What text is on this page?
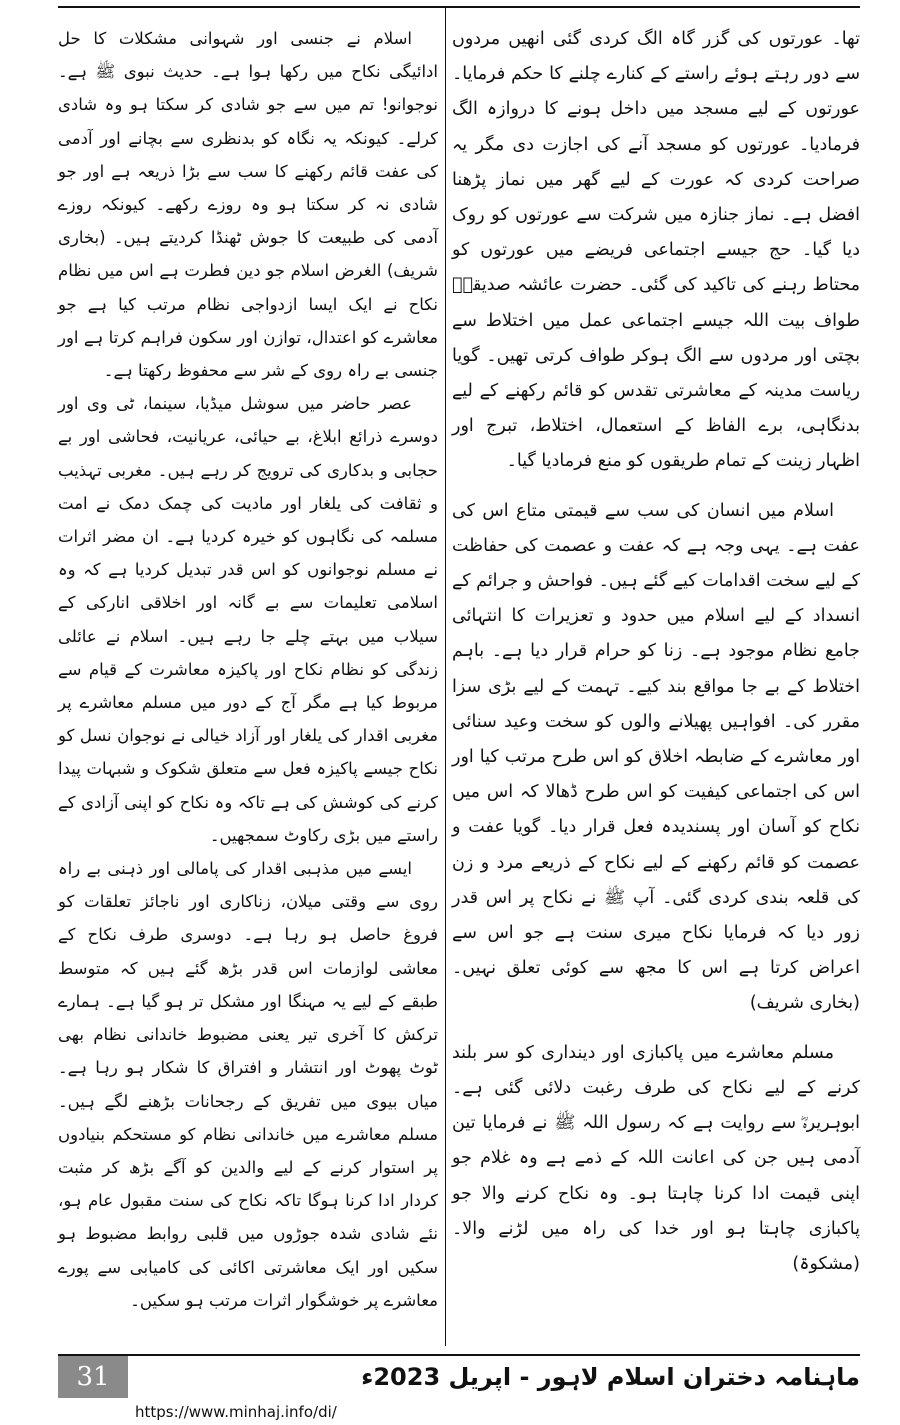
تھا۔ عورتوں کی گزر گاہ الگ کردی گئی انھیں مردوں سے دور رہتے ہوئے راستے کے کنارے چلنے کا حکم فرمایا۔ عورتوں کے لیے مسجد میں داخل ہونے کا دروازہ الگ فرمادیا۔ عورتوں کو مسجد آنے کی اجازت دی مگر یہ صراحت کردی کہ عورت کے لیے گھر میں نماز پڑھنا افضل ہے۔ نماز جنازہ میں شرکت سے عورتوں کو روک دیا گیا۔ حج جیسے اجتماعی فریضے میں عورتوں کو محتاط رہنے کی تاکید کی گئی۔ حضرت عائشہ صدیقہؓ طواف بیت اللہ جیسے اجتماعی عمل میں اختلاط سے بچتی اور مردوں سے الگ ہوکر طواف کرتی تھیں۔ گویا ریاست مدینہ کے معاشرتی تقدس کو قائم رکھنے کے لیے بدنگاہی، برے الفاظ کے استعمال، اختلاط، تبرج اور اظہار زینت کے تمام طریقوں کو منع فرمادیا گیا۔

اسلام میں انسان کی سب سے قیمتی متاع اس کی عفت ہے۔ یہی وجہ ہے کہ عفت و عصمت کی حفاظت کے لیے سخت اقدامات کیے گئے ہیں۔ فواحش و جرائم کے انسداد کے لیے اسلام میں حدود و تعزیرات کا انتہائی جامع نظام موجود ہے۔ زنا کو حرام قرار دیا ہے۔ باہم اختلاط کے بے جا مواقع بند کیے۔ تہمت کے لیے بڑی سزا مقرر کی۔ افواہیں پھیلانے والوں کو سخت وعید سنائی اور معاشرے کے ضابطہ اخلاق کو اس طرح مرتب کیا اور اس کی اجتماعی کیفیت کو اس طرح ڈھالا کہ اس میں نکاح کو آسان اور پسندیدہ فعل قرار دیا۔ گویا عفت و عصمت کو قائم رکھنے کے لیے نکاح کے ذریعے مرد و زن کی قلعہ بندی کردی گئی۔ آپ ﷺ نے نکاح پر اس قدر زور دیا کہ فرمایا نکاح میری سنت ہے جو اس سے اعراض کرتا ہے اس کا مجھ سے کوئی تعلق نہیں۔ (بخاری شریف)

مسلم معاشرے میں پاکبازی اور دینداری کو سر بلند کرنے کے لیے نکاح کی طرف رغبت دلائی گئی ہے۔ ابوہریرہؓ سے روایت ہے کہ رسول اللہ ﷺ نے فرمایا تین آدمی ہیں جن کی اعانت اللہ کے ذمے ہے وہ غلام جو اپنی قیمت ادا کرنا چاہتا ہو۔ وہ نکاح کرنے والا جو پاکبازی چاہتا ہو اور خدا کی راہ میں لڑنے والا۔ (مشکوۃ)

اسلام نے جنسی اور شہوانی مشکلات کا حل ادائیگی نکاح میں رکھا ہوا ہے۔ حدیث نبوی ﷺ ہے۔ نوجوانو! تم میں سے جو شادی کر سکتا ہو وہ شادی کرلے۔ کیونکہ یہ نگاہ کو بدنظری سے بچانے اور آدمی کی عفت قائم رکھنے کا سب سے بڑا ذریعہ ہے اور جو شادی نہ کر سکتا ہو وہ روزے رکھے۔ کیونکہ روزے آدمی کی طبیعت کا جوش ٹھنڈا کردیتے ہیں۔ (بخاری شریف) الغرض اسلام جو دین فطرت ہے اس میں نظام نکاح نے ایک ایسا ازدواجی نظام مرتب کیا ہے جو معاشرے کو اعتدال، توازن اور سکون فراہم کرتا ہے اور جنسی بے راہ روی کے شر سے محفوظ رکھتا ہے۔

عصر حاضر میں سوشل میڈیا، سینما، ٹی وی اور دوسرے ذرائع ابلاغ، بے حیائی، عریانیت، فحاشی اور بے حجابی و بدکاری کی ترویج کر رہے ہیں۔ مغربی تہذیب و ثقافت کی یلغار اور مادیت کی چمک دمک نے امت مسلمہ کی نگاہوں کو خیرہ کردیا ہے۔ ان مضر اثرات نے مسلم نوجوانوں کو اس قدر تبدیل کردیا ہے کہ وہ اسلامی تعلیمات سے بے گانہ اور اخلاقی انارکی کے سیلاب میں بہتے چلے جا رہے ہیں۔ اسلام نے عائلی زندگی کو نظام نکاح اور پاکیزہ معاشرت کے قیام سے مربوط کیا ہے مگر آج کے دور میں مسلم معاشرے پر مغربی اقدار کی یلغار اور آزاد خیالی نے نوجوان نسل کو نکاح جیسے پاکیزہ فعل سے متعلق شکوک و شبہات پیدا کرنے کی کوشش کی ہے تاکہ وہ نکاح کو اپنی آزادی کے راستے میں بڑی رکاوٹ سمجھیں۔

ایسے میں مذہبی اقدار کی پامالی اور ذہنی بے راہ روی سے وقتی میلان، زناکاری اور ناجائز تعلقات کو فروغ حاصل ہو رہا ہے۔ دوسری طرف نکاح کے معاشی لوازمات اس قدر بڑھ گئے ہیں کہ متوسط طبقے کے لیے یہ مہنگا اور مشکل تر ہو گیا ہے۔ ہمارے ترکش کا آخری تیر یعنی مضبوط خاندانی نظام بھی ٹوٹ پھوٹ اور انتشار و افتراق کا شکار ہو رہا ہے۔ میاں بیوی میں تفریق کے رجحانات بڑھنے لگے ہیں۔ مسلم معاشرے میں خاندانی نظام کو مستحکم بنیادوں پر استوار کرنے کے لیے والدین کو آگے بڑھ کر مثبت کردار ادا کرنا ہوگا تاکہ نکاح کی سنت مقبول عام ہو، نئے شادی شدہ جوڑوں میں قلبی روابط مضبوط ہو سکیں اور ایک معاشرتی اکائی کی کامیابی سے پورے معاشرے پر خوشگوار اثرات مرتب ہو سکیں۔

31	ماہنامہ دختران اسلام لاہور - اپریل 2023ء
https://www.minhaj.info/di/
